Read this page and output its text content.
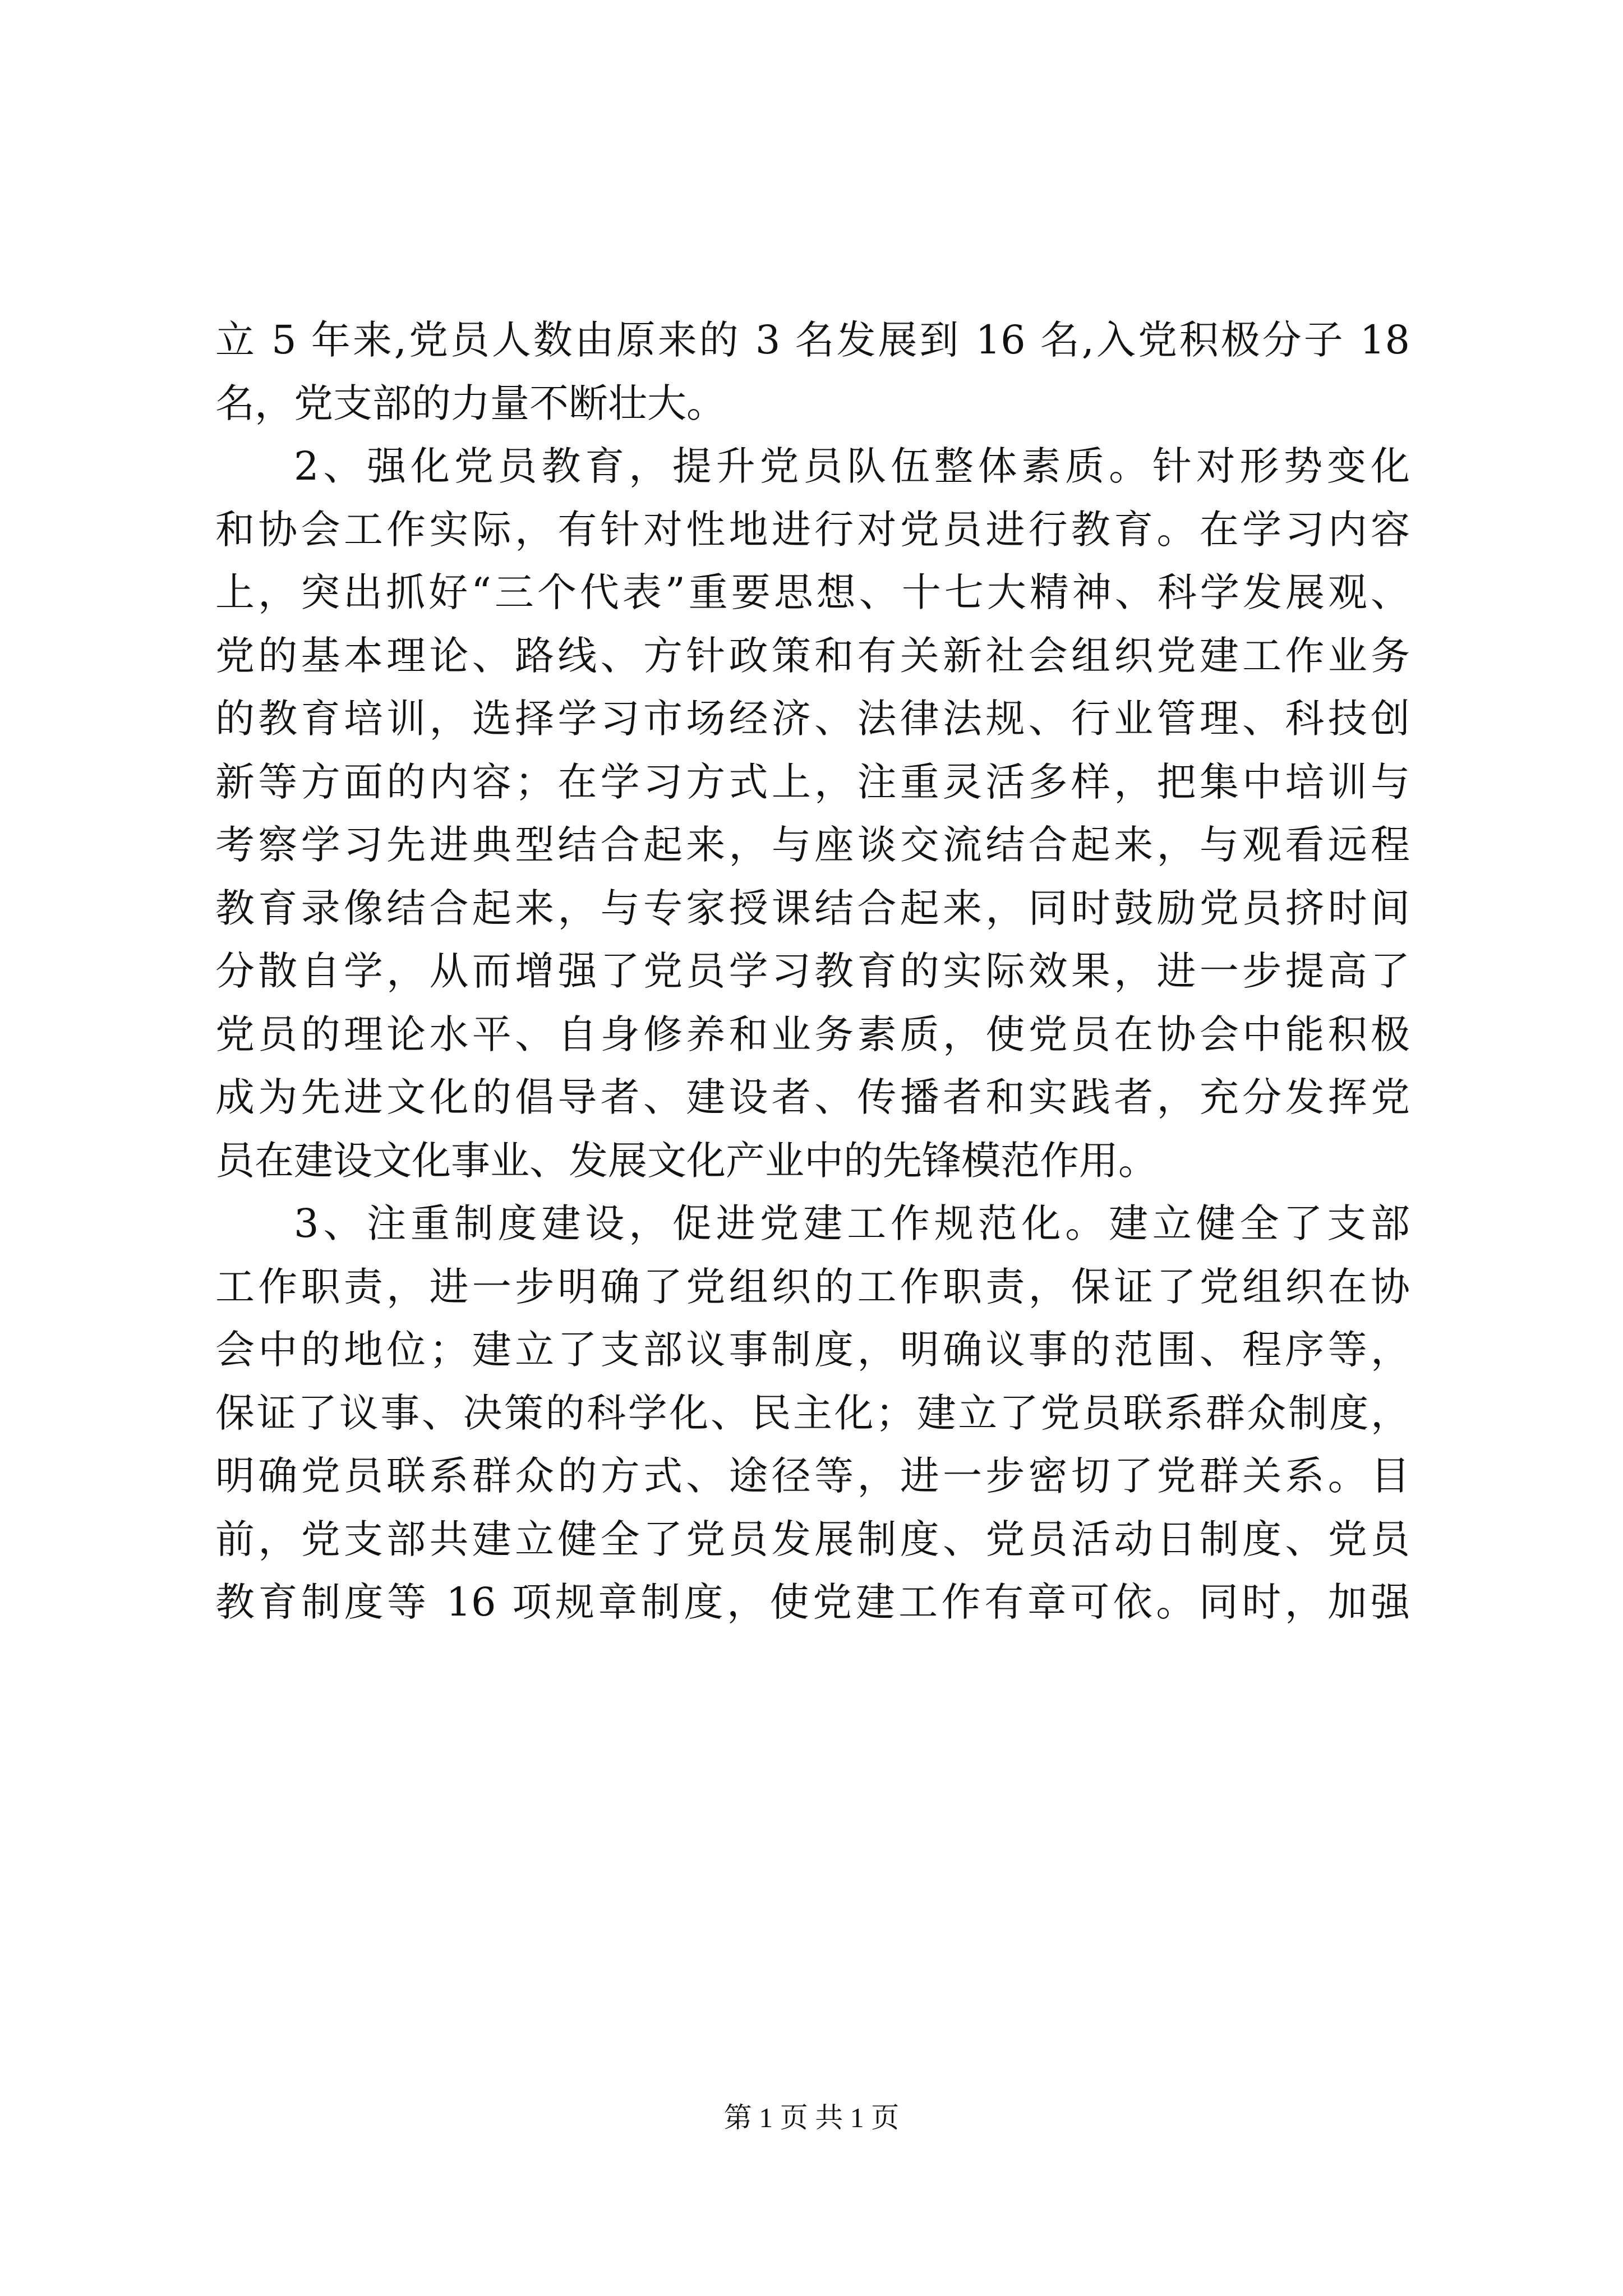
立 5 年来,党员人数由原来的 3 名发展到 16 名,入党积极分子 18
名，党支部的力量不断壮大。
2、强化党员教育，提升党员队伍整体素质。针对形势变化
和协会工作实际，有针对性地进行对党员进行教育。在学习内容
上，突出抓好“三个代表”重要思想、十七大精神、科学发展观、
党的基本理论、路线、方针政策和有关新社会组织党建工作业务
的教育培训，选择学习市场经济、法律法规、行业管理、科技创
新等方面的内容；在学习方式上，注重灵活多样，把集中培训与
考察学习先进典型结合起来，与座谈交流结合起来，与观看远程
教育录像结合起来，与专家授课结合起来，同时鼓励党员挤时间
分散自学，从而增强了党员学习教育的实际效果，进一步提高了
党员的理论水平、自身修养和业务素质，使党员在协会中能积极
成为先进文化的倡导者、建设者、传播者和实践者，充分发挥党
员在建设文化事业、发展文化产业中的先锋模范作用。
3、注重制度建设，促进党建工作规范化。建立健全了支部
工作职责，进一步明确了党组织的工作职责，保证了党组织在协
会中的地位；建立了支部议事制度，明确议事的范围、程序等，
保证了议事、决策的科学化、民主化；建立了党员联系群众制度，
明确党员联系群众的方式、途径等，进一步密切了党群关系。目
前，党支部共建立健全了党员发展制度、党员活动日制度、党员
教育制度等 16 项规章制度，使党建工作有章可依。同时，加强
第 1 页 共 1 页
